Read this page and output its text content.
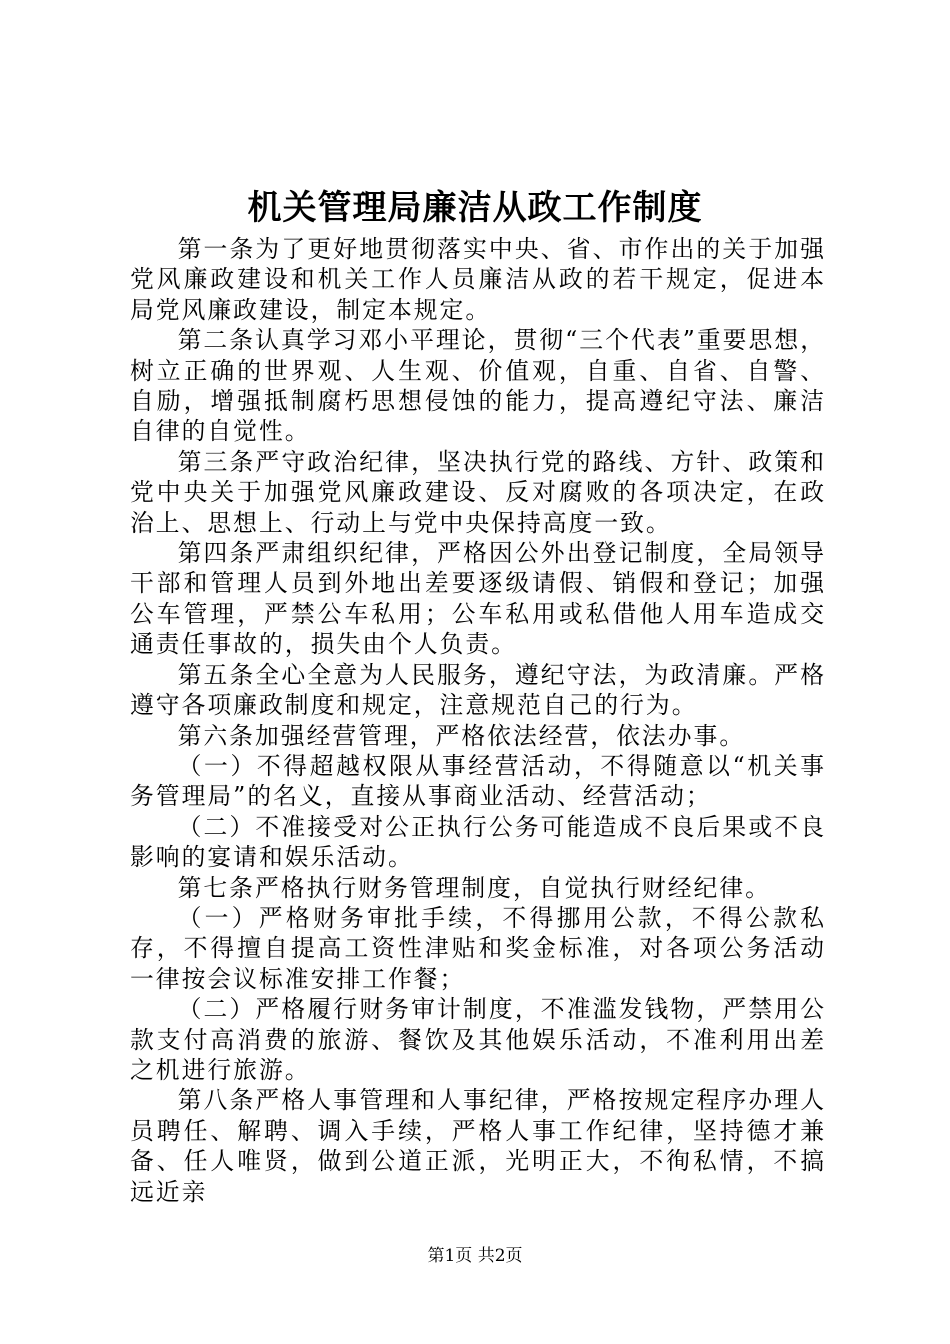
机关管理局廉洁从政工作制度

第一条为了更好地贯彻落实中央、省、市作出的关于加强党风廉政建设和机关工作人员廉洁从政的若干规定，促进本局党风廉政建设，制定本规定。

第二条认真学习邓小平理论，贯彻“三个代表”重要思想，树立正确的世界观、人生观、价值观，自重、自省、自警、自励，增强抵制腐朽思想侵蚀的能力，提高遵纪守法、廉洁自律的自觉性。

第三条严守政治纪律，坚决执行党的路线、方针、政策和党中央关于加强党风廉政建设、反对腐败的各项决定，在政治上、思想上、行动上与党中央保持高度一致。

第四条严肃组织纪律，严格因公外出登记制度，全局领导干部和管理人员到外地出差要逐级请假、销假和登记；加强公车管理，严禁公车私用；公车私用或私借他人用车造成交通责任事故的，损失由个人负责。

第五条全心全意为人民服务，遵纪守法，为政清廉。严格遵守各项廉政制度和规定，注意规范自己的行为。

第六条加强经营管理，严格依法经营，依法办事。

（一）不得超越权限从事经营活动，不得随意以“机关事务管理局”的名义，直接从事商业活动、经营活动；

（二）不准接受对公正执行公务可能造成不良后果或不良影响的宴请和娱乐活动。

第七条严格执行财务管理制度，自觉执行财经纪律。

（一）严格财务审批手续，不得挪用公款，不得公款私存，不得擅自提高工资性津贴和奖金标准，对各项公务活动一律按会议标准安排工作餐；

（二）严格履行财务审计制度，不准滥发钱物，严禁用公款支付高消费的旅游、餐饮及其他娱乐活动，不准利用出差之机进行旅游。

第八条严格人事管理和人事纪律，严格按规定程序办理人员聘任、解聘、调入手续，严格人事工作纪律，坚持德才兼备、任人唯贤，做到公道正派，光明正大，不徇私情，不搞远近亲

第1页 共2页
